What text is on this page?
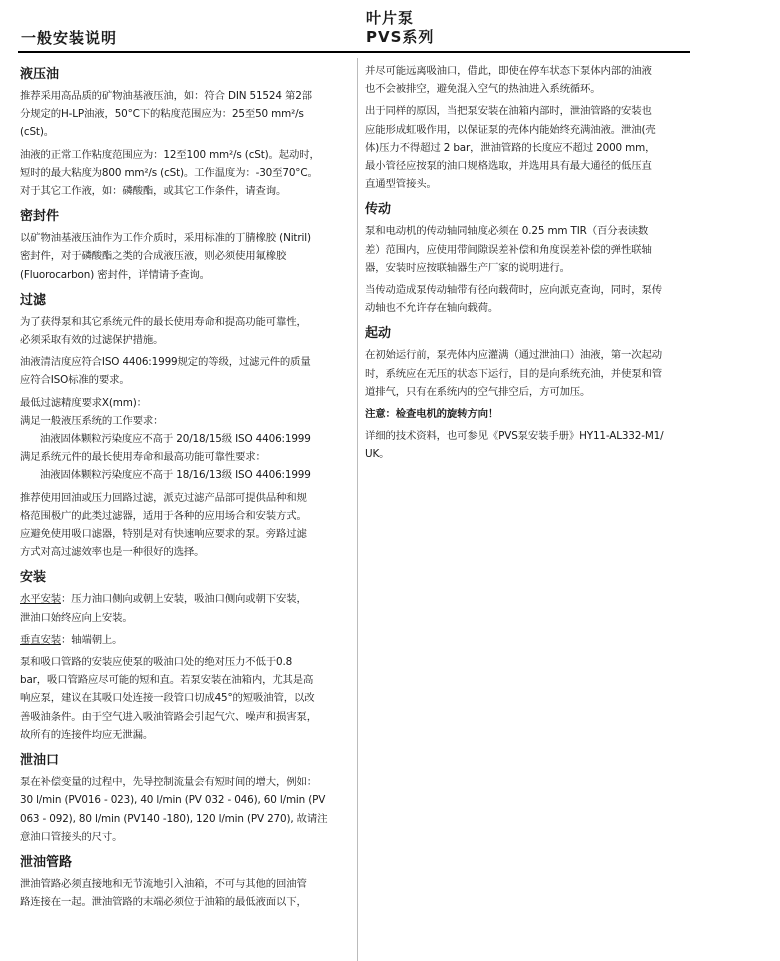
一般安装说明
叶片泵
PVS系列
液压油
推荐采用高品质的矿物油基液压油，如：符合 DIN 51524 第2部
分规定的H-LP油液，50°C下的粘度范围应为：25至50 mm²/s
(cSt)。
油液的正常工作粘度范围应为：12至100 mm²/s (cSt)。起动时，
短时的最大粘度为800 mm²/s (cSt)。工作温度为：-30至70°C。
对于其它工作液，如：磷酸酯，或其它工作条件，请查询。
密封件
以矿物油基液压油作为工作介质时，采用标准的丁腈橡胶 (Nitril)
密封件，对于磷酸酯之类的合成液压液，则必须使用氟橡胶
(Fluorocarbon) 密封件，详情请予查询。
过滤
为了获得泵和其它系统元件的最长使用寿命和提高功能可靠性，
必须采取有效的过滤保护措施。
油液清洁度应符合ISO 4406:1999规定的等级，过滤元件的质量
应符合ISO标准的要求。
最低过滤精度要求X(mm)：
满足一般液压系统的工作要求：
油液固体颗粒污染度应不高于 20/18/15级 ISO 4406:1999
满足系统元件的最长使用寿命和最高功能可靠性要求：
油液固体颗粒污染度应不高于 18/16/13级 ISO 4406:1999
推荐使用回油或压力回路过滤，派克过滤产品部可提供品种和规
格范围极广的此类过滤器，适用于各种的应用场合和安装方式。
应避免使用吸口滤器，特别是对有快速响应要求的泵。旁路过滤
方式对高过滤效率也是一种很好的选择。
安装
水平安装：压力油口侧向或朝上安装，吸油口侧向或朝下安装，
泄油口始终应向上安装。
垂直安装：轴端朝上。
泵和吸口管路的安装应使泵的吸油口处的绝对压力不低于0.8
bar，吸口管路应尽可能的短和直。若泵安装在油箱内，尤其是高
响应泵，建议在其吸口处连接一段管口切成45°的短吸油管，以改
善吸油条件。由于空气进入吸油管路会引起气穴、噪声和损害泵，
故所有的连接件均应无泄漏。
泄油口
泵在补偿变量的过程中，先导控制流量会有短时间的增大，例如：
30 l/min (PV016 - 023), 40 l/min (PV 032 - 046), 60 l/min (PV
063 - 092), 80 l/min (PV140 -180), 120 l/min (PV 270), 故请注
意油口管接头的尺寸。
泄油管路
泄油管路必须直接地和无节流地引入油箱，不可与其他的回油管
路连接在一起。泄油管路的末端必须位于油箱的最低液面以下，
并尽可能远离吸油口，借此，即使在停车状态下泵体内部的油液
也不会被排空，避免混入空气的热油进入系统循环。
出于同样的原因，当把泵安装在油箱内部时，泄油管路的安装也
应能形成虹吸作用，以保证泵的壳体内能始终充满油液。泄油(壳
体)压力不得超过 2 bar，泄油管路的长度应不超过 2000 mm，
最小管径应按泵的油口规格选取，并选用具有最大通径的低压直
直通型管接头。
传动
泵和电动机的传动轴同轴度必须在 0.25 mm TIR（百分表读数
差）范围内，应使用带间隙误差补偿和角度误差补偿的弹性联轴
器，安装时应按联轴器生产厂家的说明进行。
当传动造成泵传动轴带有径向载荷时，应向派克查询，同时，泵传
动轴也不允许存在轴向载荷。
起动
在初始运行前，泵壳体内应灌满（通过泄油口）油液，第一次起动
时，系统应在无压的状态下运行，目的是向系统充油，并使泵和管
道排气，只有在系统内的空气排空后，方可加压。
注意：检查电机的旋转方向！
详细的技术资料，也可参见《PVS泵安装手册》HY11-AL332-M1/
UK。
